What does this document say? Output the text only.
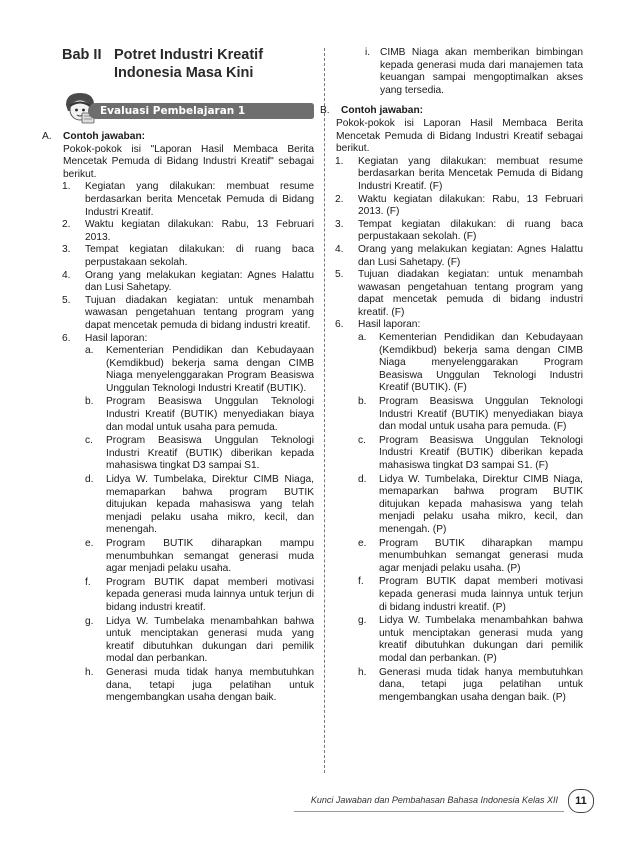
Bab II Potret Industri Kreatif Indonesia Masa Kini
Evaluasi Pembelajaran 1
A. Contoh jawaban:
Pokok-pokok isi "Laporan Hasil Membaca Berita Mencetak Pemuda di Bidang Industri Kreatif" sebagai berikut.
1. Kegiatan yang dilakukan: membuat resume berdasarkan berita Mencetak Pemuda di Bidang Industri Kreatif.
2. Waktu kegiatan dilakukan: Rabu, 13 Februari 2013.
3. Tempat kegiatan dilakukan: di ruang baca perpustakaan sekolah.
4. Orang yang melakukan kegiatan: Agnes Halattu dan Lusi Sahetapy.
5. Tujuan diadakan kegiatan: untuk menambah wawasan pengetahuan tentang program yang dapat mencetak pemuda di bidang industri kreatif.
6. Hasil laporan:
a. Kementerian Pendidikan dan Kebudayaan (Kemdikbud) bekerja sama dengan CIMB Niaga menyelenggarakan Program Beasiswa Unggulan Teknologi Industri Kreatif (BUTIK).
b. Program Beasiswa Unggulan Teknologi Industri Kreatif (BUTIK) menyediakan biaya dan modal untuk usaha para pemuda.
c. Program Beasiswa Unggulan Teknologi Industri Kreatif (BUTIK) diberikan kepada mahasiswa tingkat D3 sampai S1.
d. Lidya W. Tumbelaka, Direktur CIMB Niaga, memaparkan bahwa program BUTIK ditujukan kepada mahasiswa yang telah menjadi pelaku usaha mikro, kecil, dan menengah.
e. Program BUTIK diharapkan mampu menumbuhkan semangat generasi muda agar menjadi pelaku usaha.
f. Program BUTIK dapat memberi motivasi kepada generasi muda lainnya untuk terjun di bidang industri kreatif.
g. Lidya W. Tumbelaka menambahkan bahwa untuk menciptakan generasi muda yang kreatif dibutuhkan dukungan dari pemilik modal dan perbankan.
h. Generasi muda tidak hanya membutuhkan dana, tetapi juga pelatihan untuk mengembangkan usaha dengan baik.
i. CIMB Niaga akan memberikan bimbingan kepada generasi muda dari manajemen tata keuangan sampai mengoptimalkan akses yang tersedia.
B. Contoh jawaban:
Pokok-pokok isi Laporan Hasil Membaca Berita Mencetak Pemuda di Bidang Industri Kreatif sebagai berikut.
1. Kegiatan yang dilakukan: membuat resume berdasarkan berita Mencetak Pemuda di Bidang Industri Kreatif. (F)
2. Waktu kegiatan dilakukan: Rabu, 13 Februari 2013. (F)
3. Tempat kegiatan dilakukan: di ruang baca perpustakaan sekolah. (F)
4. Orang yang melakukan kegiatan: Agnes Halattu dan Lusi Sahetapy. (F)
5. Tujuan diadakan kegiatan: untuk menambah wawasan pengetahuan tentang program yang dapat mencetak pemuda di bidang industri kreatif. (F)
6. Hasil laporan:
a. Kementerian Pendidikan dan Kebudayaan (Kemdikbud) bekerja sama dengan CIMB Niaga menyelenggarakan Program Beasiswa Unggulan Teknologi Industri Kreatif (BUTIK). (F)
b. Program Beasiswa Unggulan Teknologi Industri Kreatif (BUTIK) menyediakan biaya dan modal untuk usaha para pemuda. (F)
c. Program Beasiswa Unggulan Teknologi Industri Kreatif (BUTIK) diberikan kepada mahasiswa tingkat D3 sampai S1. (F)
d. Lidya W. Tumbelaka, Direktur CIMB Niaga, memaparkan bahwa program BUTIK ditujukan kepada mahasiswa yang telah menjadi pelaku usaha mikro, kecil, dan menengah. (P)
e. Program BUTIK diharapkan mampu menumbuhkan semangat generasi muda agar menjadi pelaku usaha. (P)
f. Program BUTIK dapat memberi motivasi kepada generasi muda lainnya untuk terjun di bidang industri kreatif. (P)
g. Lidya W. Tumbelaka menambahkan bahwa untuk menciptakan generasi muda yang kreatif dibutuhkan dukungan dari pemilik modal dan perbankan. (P)
h. Generasi muda tidak hanya membutuhkan dana, tetapi juga pelatihan untuk mengembangkan usaha dengan baik. (P)
Kunci Jawaban dan Pembahasan Bahasa Indonesia Kelas XII	11
